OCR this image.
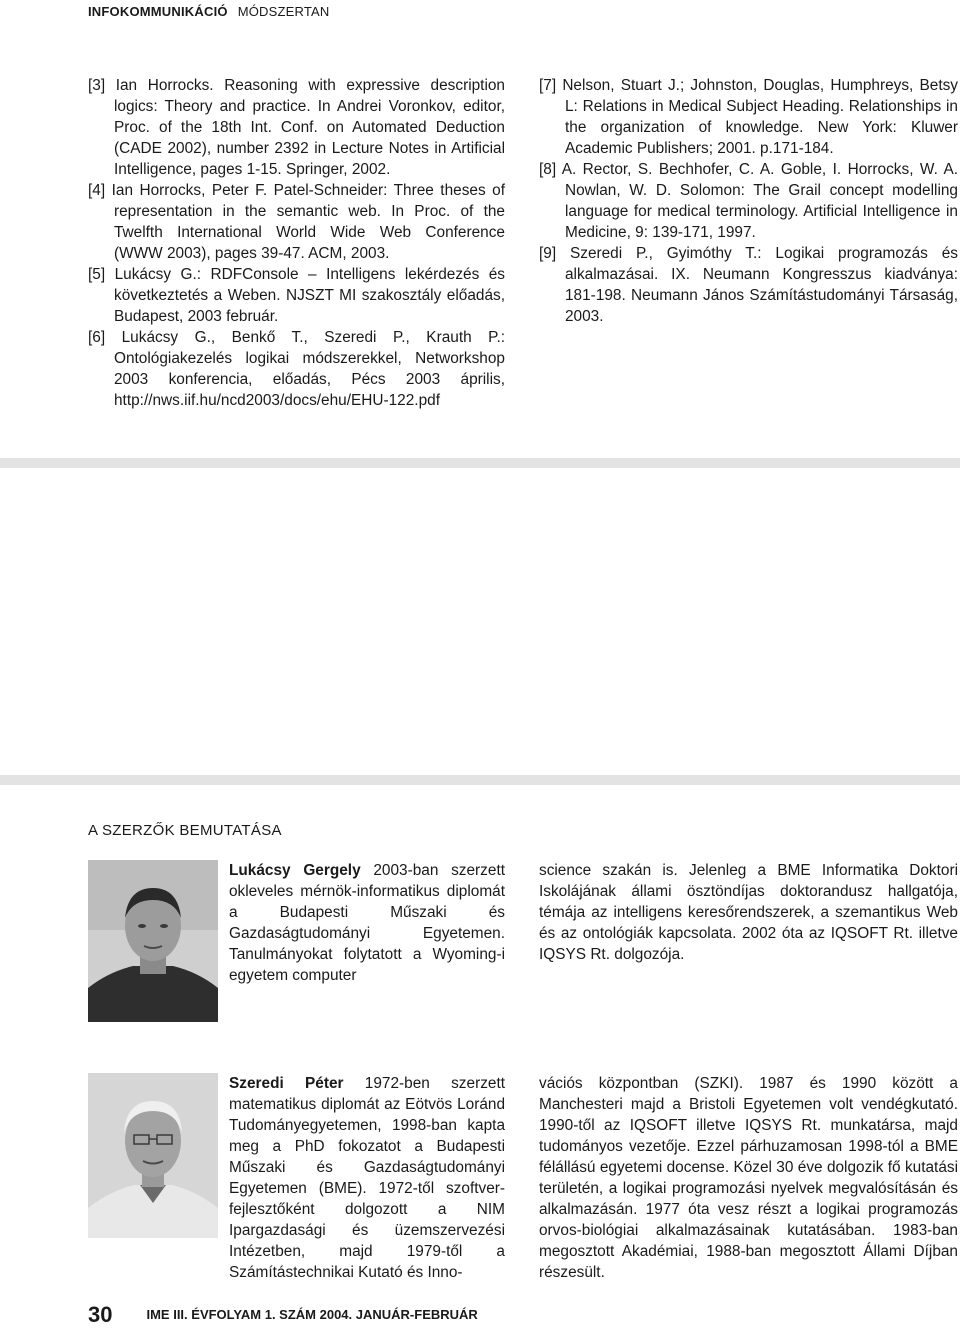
INFOKOMMUNIKÁCIÓ MÓDSZERTAN

[3] Ian Horrocks. Reasoning with expressive description logics: Theory and practice. In Andrei Voronkov, editor, Proc. of the 18th Int. Conf. on Automated Deduction (CADE 2002), number 2392 in Lecture Notes in Artificial Intelligence, pages 1-15. Springer, 2002.

[4] Ian Horrocks, Peter F. Patel-Schneider: Three theses of representation in the semantic web. In Proc. of the Twelfth International World Wide Web Conference (WWW 2003), pages 39-47. ACM, 2003.

[5] Lukácsy G.: RDFConsole – Intelligens lekérdezés és következtetés a Weben. NJSZT MI szakosztály előadás, Budapest, 2003 február.

[6] Lukácsy G., Benkő T., Szeredi P., Krauth P.: Ontológiakezelés logikai módszerekkel, Networkshop 2003 konferencia, előadás, Pécs 2003 április, http://nws.iif.hu/ncd2003/docs/ehu/EHU-122.pdf

[7] Nelson, Stuart J.; Johnston, Douglas, Humphreys, Betsy L: Relations in Medical Subject Heading. Relationships in the organization of knowledge. New York: Kluwer Academic Publishers; 2001. p.171-184.

[8] A. Rector, S. Bechhofer, C. A. Goble, I. Horrocks, W. A. Nowlan, W. D. Solomon: The Grail concept modelling language for medical terminology. Artificial Intelligence in Medicine, 9: 139-171, 1997.

[9] Szeredi P., Gyimóthy T.: Logikai programozás és alkalmazásai. IX. Neumann Kongresszus kiadványa: 181-198. Neumann János Számítástudományi Társaság, 2003.

A SZERZŐK BEMUTATÁSA
Lukácsy Gergely 2003-ban szerzett okleveles mérnök-informatikus diplomát a Budapesti Műszaki és Gazdaságtudományi Egyetemen. Tanulmányokat folytatott a Wyoming-i egyetem computer
science szakán is. Jelenleg a BME Informatika Doktori Iskolájának állami ösztöndíjas doktorandusz hallgatója, témája az intelligens keresőrendszerek, a szemantikus Web és az ontológiák kapcsolata. 2002 óta az IQSOFT Rt. illetve IQSYS Rt. dolgozója.
Szeredi Péter 1972-ben szerzett matematikus diplomát az Eötvös Loránd Tudományegyetemen, 1998-ban kapta meg a PhD fokozatot a Budapesti Műszaki és Gazdaságtudományi Egyetemen (BME). 1972-től szoftver-fejlesztőként dolgozott a NIM Ipargazdasági és üzemszervezési Intézetben, majd 1979-től a Számítástechnikai Kutató és Inno-
vációs központban (SZKI). 1987 és 1990 között a Manchesteri majd a Bristoli Egyetemen volt vendégkutató. 1990-től az IQSOFT illetve IQSYS Rt. munkatársa, majd tudományos vezetője. Ezzel párhuzamosan 1998-tól a BME félállású egyetemi docense. Közel 30 éve dolgozik fő kutatási területén, a logikai programozási nyelvek megvalósításán és alkalmazásán. 1977 óta vesz részt a logikai programozás orvos-biológiai alkalmazásainak kutatásában. 1983-ban megosztott Akadémiai, 1988-ban megosztott Állami Díjban részesült.
30	IME III. ÉVFOLYAM 1. SZÁM 2004. JANUÁR-FEBRUÁR
